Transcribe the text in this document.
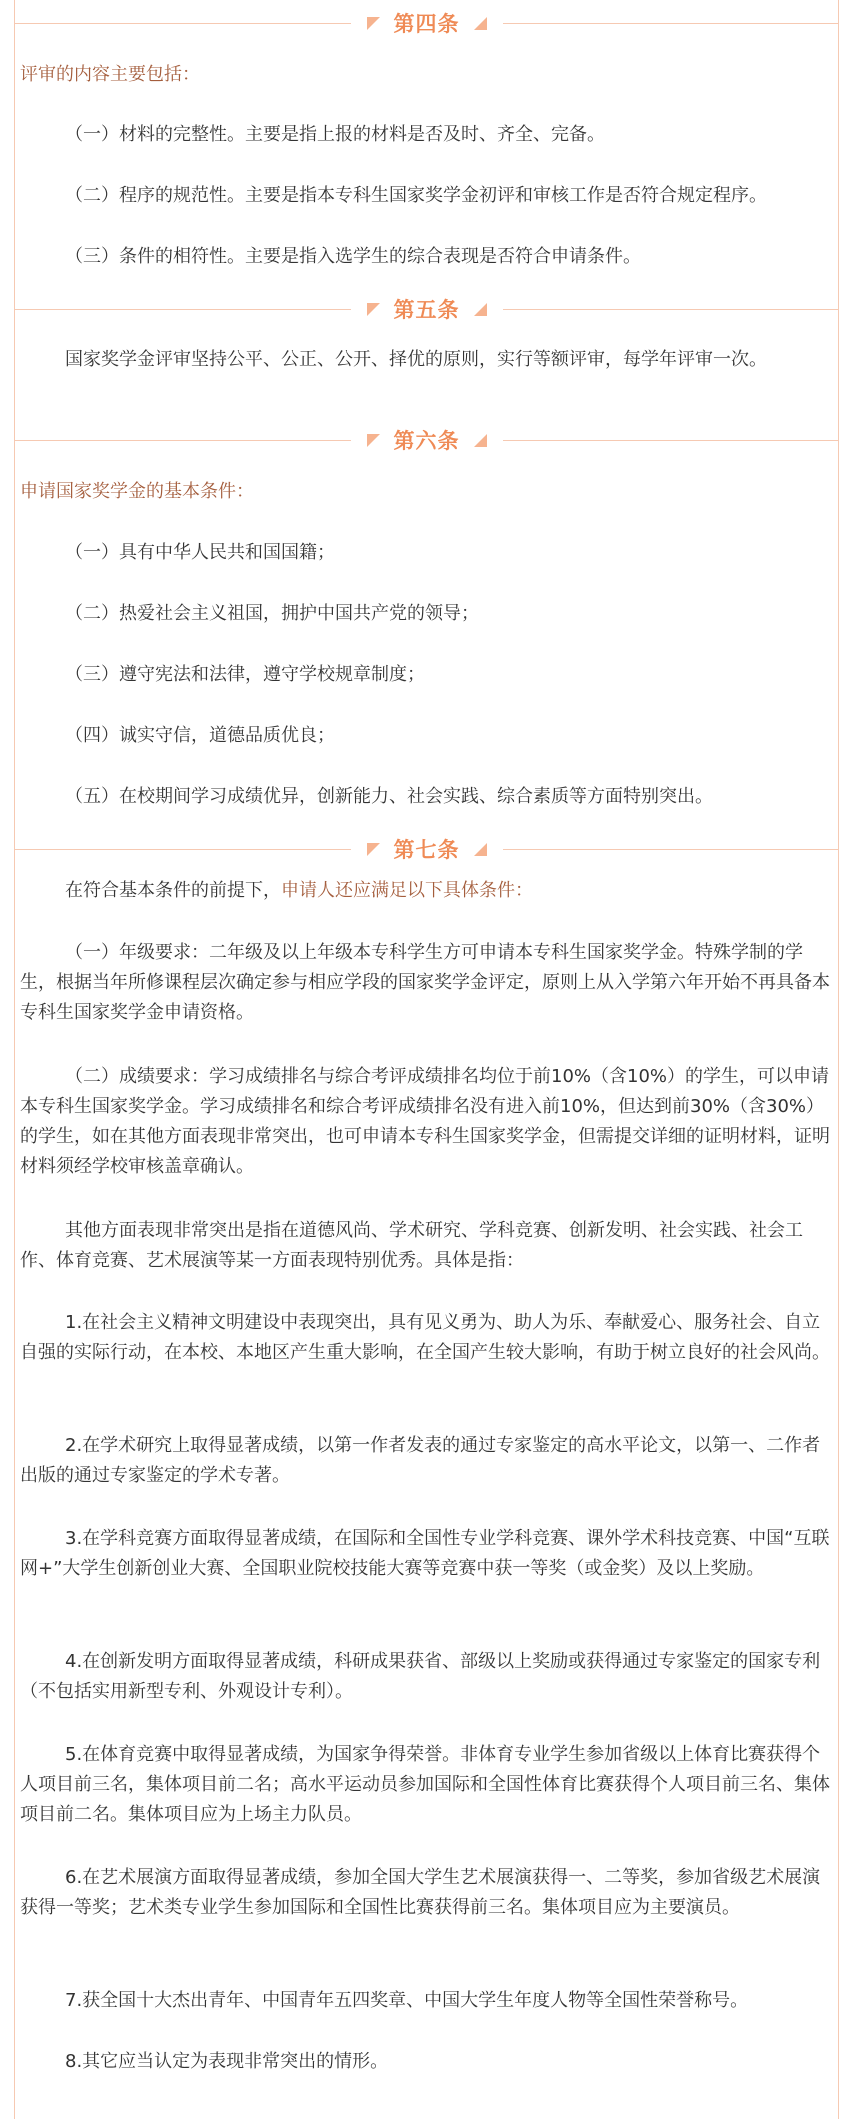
第四条
评审的内容主要包括：
（一）材料的完整性。主要是指上报的材料是否及时、齐全、完备。
（二）程序的规范性。主要是指本专科生国家奖学金初评和审核工作是否符合规定程序。
（三）条件的相符性。主要是指入选学生的综合表现是否符合申请条件。
第五条
国家奖学金评审坚持公平、公正、公开、择优的原则，实行等额评审，每学年评审一次。
第六条
申请国家奖学金的基本条件：
（一）具有中华人民共和国国籍；
（二）热爱社会主义祖国，拥护中国共产党的领导；
（三）遵守宪法和法律，遵守学校规章制度；
（四）诚实守信，道德品质优良；
（五）在校期间学习成绩优异，创新能力、社会实践、综合素质等方面特别突出。
第七条
在符合基本条件的前提下，申请人还应满足以下具体条件：
（一）年级要求：二年级及以上年级本专科学生方可申请本专科生国家奖学金。特殊学制的学生，根据当年所修课程层次确定参与相应学段的国家奖学金评定，原则上从入学第六年开始不再具备本专科生国家奖学金申请资格。
（二）成绩要求：学习成绩排名与综合考评成绩排名均位于前10%（含10%）的学生，可以申请本专科生国家奖学金。学习成绩排名和综合考评成绩排名没有进入前10%，但达到前30%（含30%）的学生，如在其他方面表现非常突出，也可申请本专科生国家奖学金，但需提交详细的证明材料，证明材料须经学校审核盖章确认。
其他方面表现非常突出是指在道德风尚、学术研究、学科竞赛、创新发明、社会实践、社会工作、体育竞赛、艺术展演等某一方面表现特别优秀。具体是指：
1.在社会主义精神文明建设中表现突出，具有见义勇为、助人为乐、奉献爱心、服务社会、自立自强的实际行动，在本校、本地区产生重大影响，在全国产生较大影响，有助于树立良好的社会风尚。
2.在学术研究上取得显著成绩，以第一作者发表的通过专家鉴定的高水平论文，以第一、二作者出版的通过专家鉴定的学术专著。
3.在学科竞赛方面取得显著成绩，在国际和全国性专业学科竞赛、课外学术科技竞赛、中国“互联网+”大学生创新创业大赛、全国职业院校技能大赛等竞赛中获一等奖（或金奖）及以上奖励。
4.在创新发明方面取得显著成绩，科研成果获省、部级以上奖励或获得通过专家鉴定的国家专利（不包括实用新型专利、外观设计专利）。
5.在体育竞赛中取得显著成绩，为国家争得荣誉。非体育专业学生参加省级以上体育比赛获得个人项目前三名，集体项目前二名；高水平运动员参加国际和全国性体育比赛获得个人项目前三名、集体项目前二名。集体项目应为上场主力队员。
6.在艺术展演方面取得显著成绩，参加全国大学生艺术展演获得一、二等奖，参加省级艺术展演获得一等奖；艺术类专业学生参加国际和全国性比赛获得前三名。集体项目应为主要演员。
7.获全国十大杰出青年、中国青年五四奖章、中国大学生年度人物等全国性荣誉称号。
8.其它应当认定为表现非常突出的情形。
